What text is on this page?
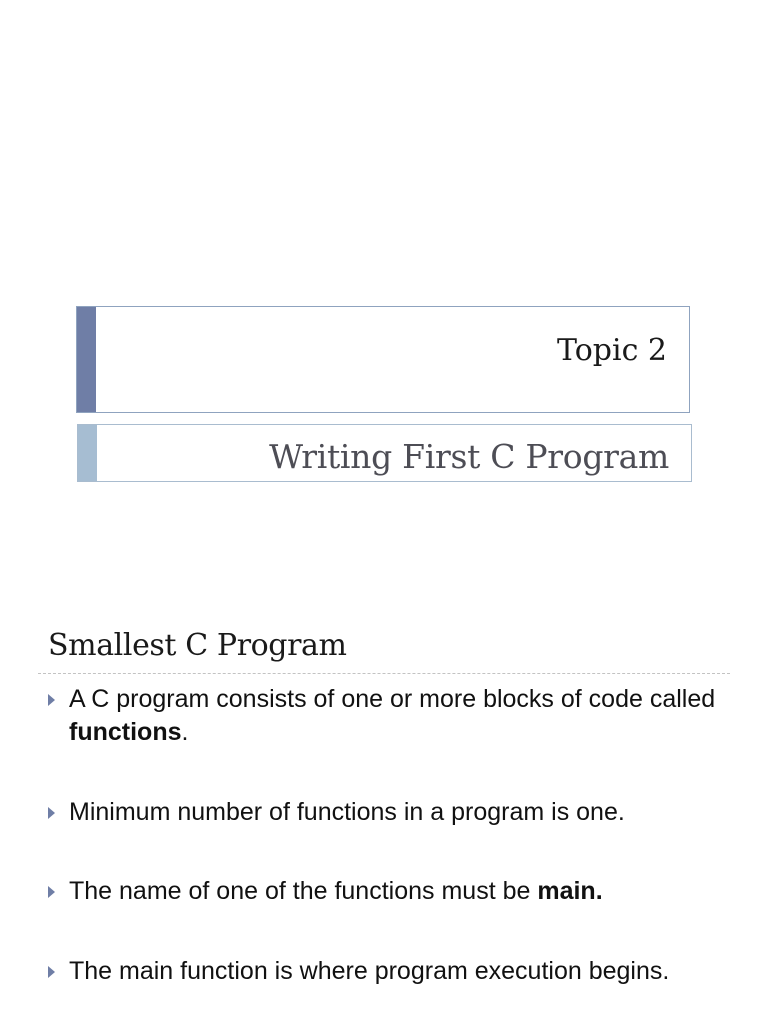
Topic 2
Writing First C Program
Smallest C Program
A C program consists of one or more blocks of code called functions.
Minimum number of functions in a program is one.
The name of one of the functions must be main.
The main function is where program execution begins.
